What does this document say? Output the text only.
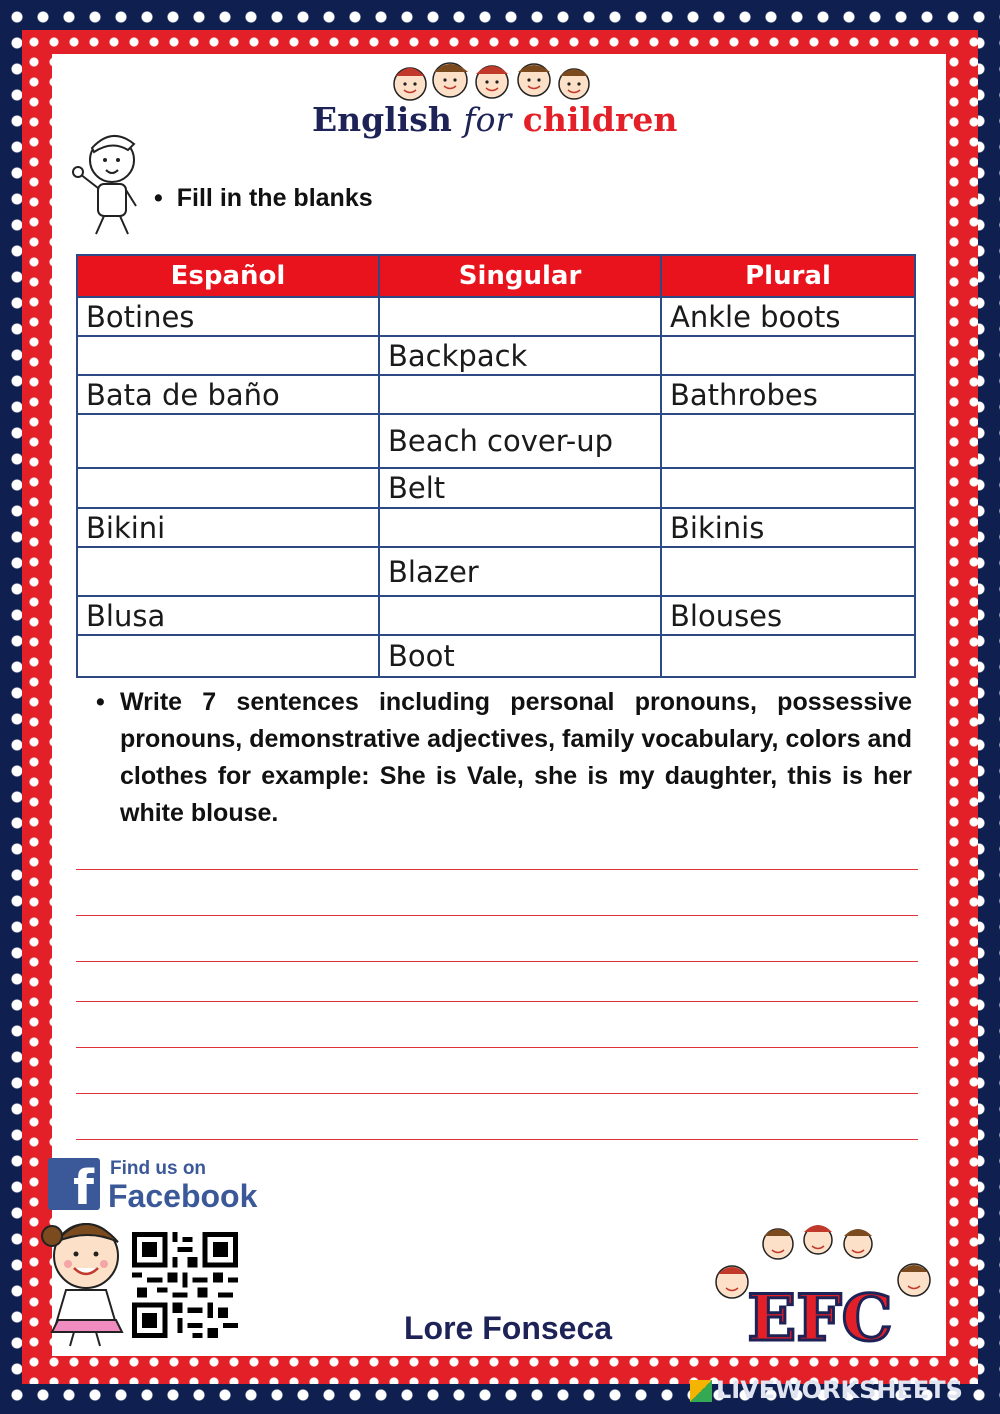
English for children
• Fill in the blanks
Español	Singular	Plural
Botines		Ankle boots
	Backpack	
Bata de baño		Bathrobes
	Beach cover-up	
	Belt	
Bikini		Bikinis
	Blazer	
Blusa		Blouses
	Boot	
• Write 7 sentences including personal pronouns, possessive pronouns, demonstrative adjectives, family vocabulary, colors and clothes for example: She is Vale, she is my daughter, this is her white blouse.
f Find us on
Facebook
Lore Fonseca EFC
LIVEWORKSHEETS
